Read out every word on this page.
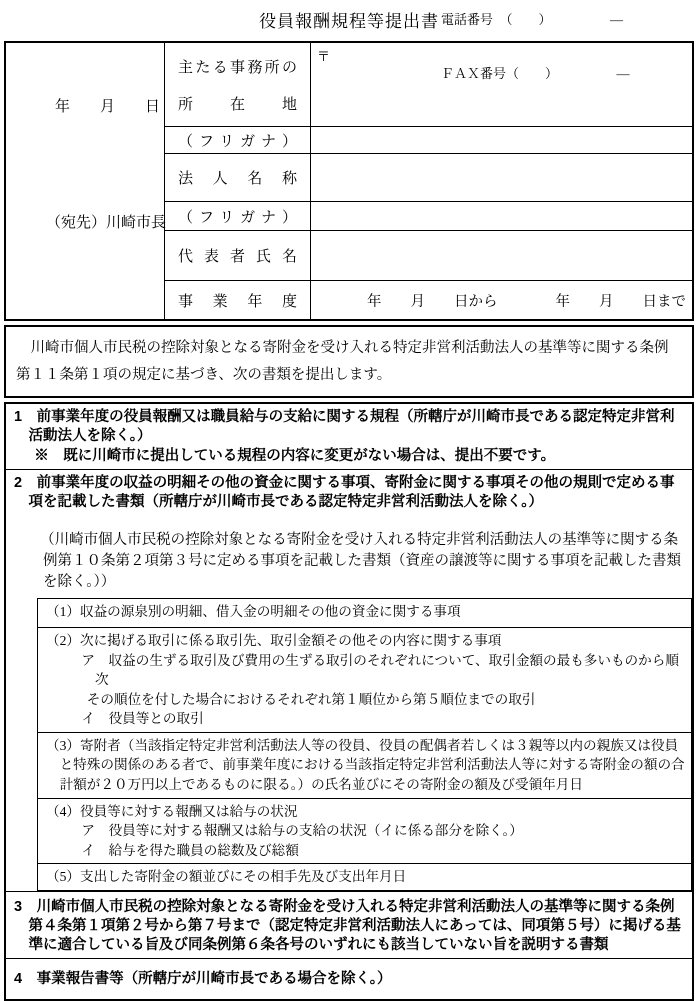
役員報酬規程等提出書
年　　月　　日
（宛先）川崎市長
主たる事務所の
所在地
〒

電話番号　（　　）　　　　　―

ＦＡＸ番号（　　）　　　　　―

（フリガナ）
法人名称
（フリガナ）
代表者氏名
事業年度	年　　月　　日から　　　　年　　月　　日まで
　川崎市個人市民税の控除対象となる寄附金を受け入れる特定非営利活動法人の基準等に関する条例第１１条第１項の規定に基づき、次の書類を提出します。
1　前事業年度の役員報酬又は職員給与の支給に関する規程（所轄庁が川崎市長である認定特定非営利活動法人を除く。）
※　既に川崎市に提出している規程の内容に変更がない場合は、提出不要です。
2　前事業年度の収益の明細その他の資金に関する事項、寄附金に関する事項その他の規則で定める事項を記載した書類（所轄庁が川崎市長である認定特定非営利活動法人を除く。）
（川崎市個人市民税の控除対象となる寄附金を受け入れる特定非営利活動法人の基準等に関する条例第１０条第２項第３号に定める事項を記載した書類（資産の譲渡等に関する事項を記載した書類を除く。））
（1）収益の源泉別の明細、借入金の明細その他の資金に関する事項
（2）次に掲げる取引に係る取引先、取引金額その他その内容に関する事項
ア　収益の生ずる取引及び費用の生ずる取引のそれぞれについて、取引金額の最も多いものから順次
その順位を付した場合におけるそれぞれ第１順位から第５順位までの取引
イ　役員等との取引
（3）寄附者（当該指定特定非営利活動法人等の役員、役員の配偶者若しくは３親等以内の親族又は役員と特殊の関係のある者で、前事業年度における当該指定特定非営利活動法人等に対する寄附金の額の合計額が２０万円以上であるものに限る。）の氏名並びにその寄附金の額及び受領年月日
（4）役員等に対する報酬又は給与の状況
ア　役員等に対する報酬又は給与の支給の状況（イに係る部分を除く。）
イ　給与を得た職員の総数及び総額
（5）支出した寄附金の額並びにその相手先及び支出年月日
3　川崎市個人市民税の控除対象となる寄附金を受け入れる特定非営利活動法人の基準等に関する条例第４条第１項第２号から第７号まで（認定特定非営利活動法人にあっては、同項第５号）に掲げる基準に適合している旨及び同条例第６条各号のいずれにも該当していない旨を説明する書類
4　事業報告書等（所轄庁が川崎市長である場合を除く。）
